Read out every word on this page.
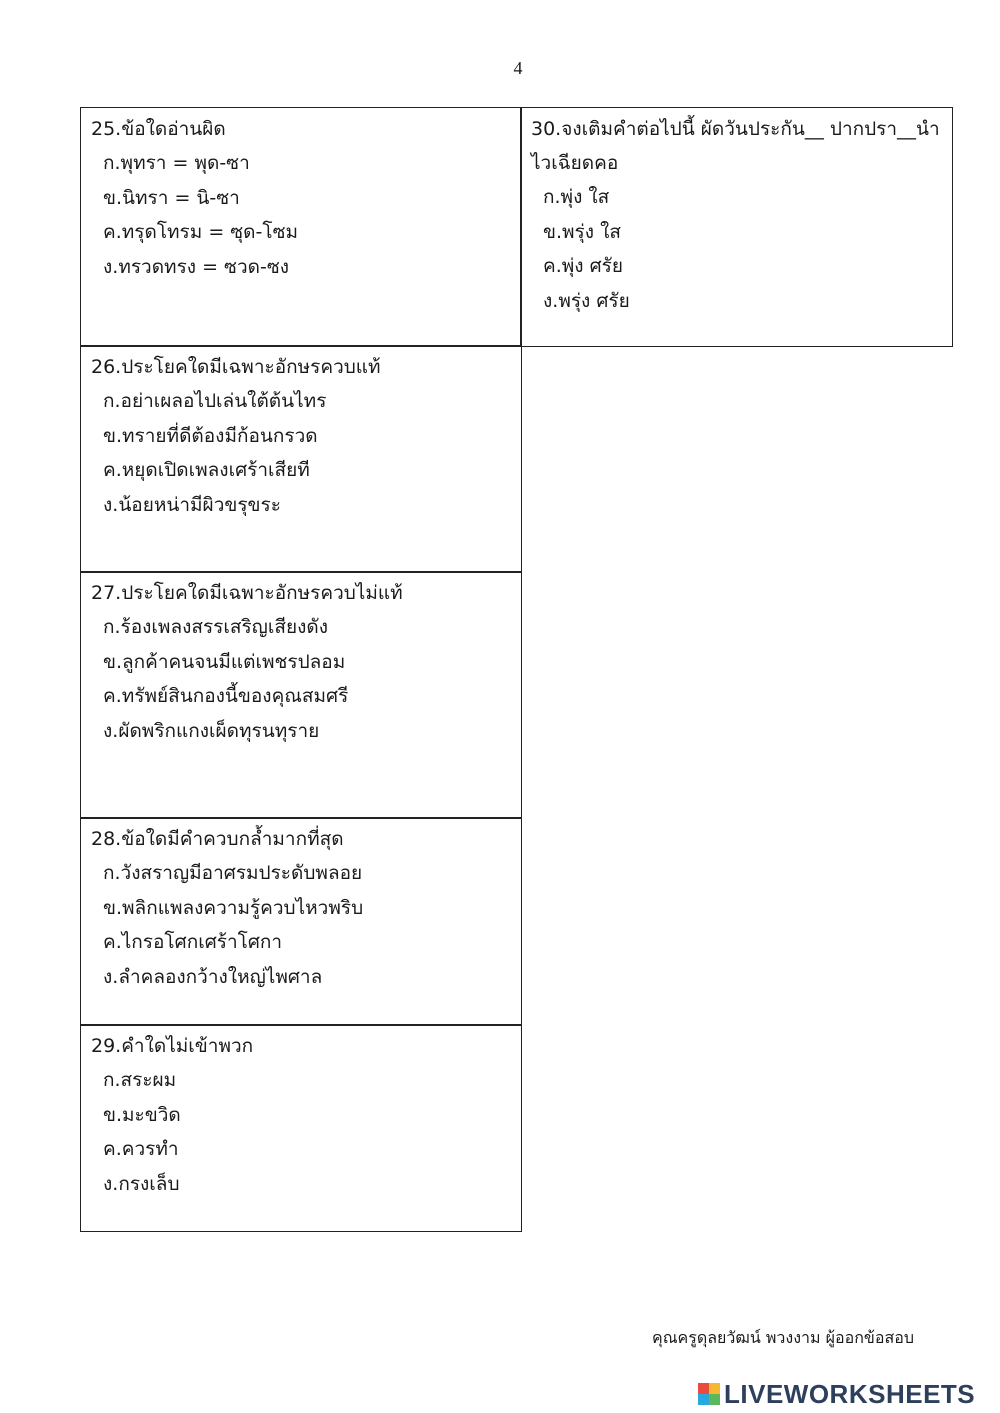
4
25.ข้อใดอ่านผิด
ก.พุทรา = พุด-ซา
ข.นิทรา = นิ-ซา
ค.ทรุดโทรม = ซุด-โซม
ง.ทรวดทรง = ซวด-ซง
30.จงเติมคำต่อไปนี้ ผัดวันประกัน__ ปากปรา__นำไวเฉียดคอ
ก.พุ่ง ใส
ข.พรุ่ง ใส
ค.พุ่ง ศรัย
ง.พรุ่ง ศรัย
26.ประโยคใดมีเฉพาะอักษรควบแท้
ก.อย่าเผลอไปเล่นใต้ต้นไทร
ข.ทรายที่ดีต้องมีก้อนกรวด
ค.หยุดเปิดเพลงเศร้าเสียที
ง.น้อยหน่ามีผิวขรุขระ
27.ประโยคใดมีเฉพาะอักษรควบไม่แท้
ก.ร้องเพลงสรรเสริญเสียงดัง
ข.ลูกค้าคนจนมีแต่เพชรปลอม
ค.ทรัพย์สินกองนี้ของคุณสมศรี
ง.ผัดพริกแกงเผ็ดทุรนทุราย
28.ข้อใดมีคำควบกล้ำมากที่สุด
ก.วังสราญมีอาศรมประดับพลอย
ข.พลิกแพลงความรู้ควบไหวพริบ
ค.ไกรอโศกเศร้าโศกา
ง.ลำคลองกว้างใหญ่ไพศาล
29.คำใดไม่เข้าพวก
ก.สระผม
ข.มะขวิด
ค.ควรทำ
ง.กรงเล็บ
คุณครูดุลยวัฒน์ พวงงาม ผู้ออกข้อสอบ
LIVEWORKSHEETS
